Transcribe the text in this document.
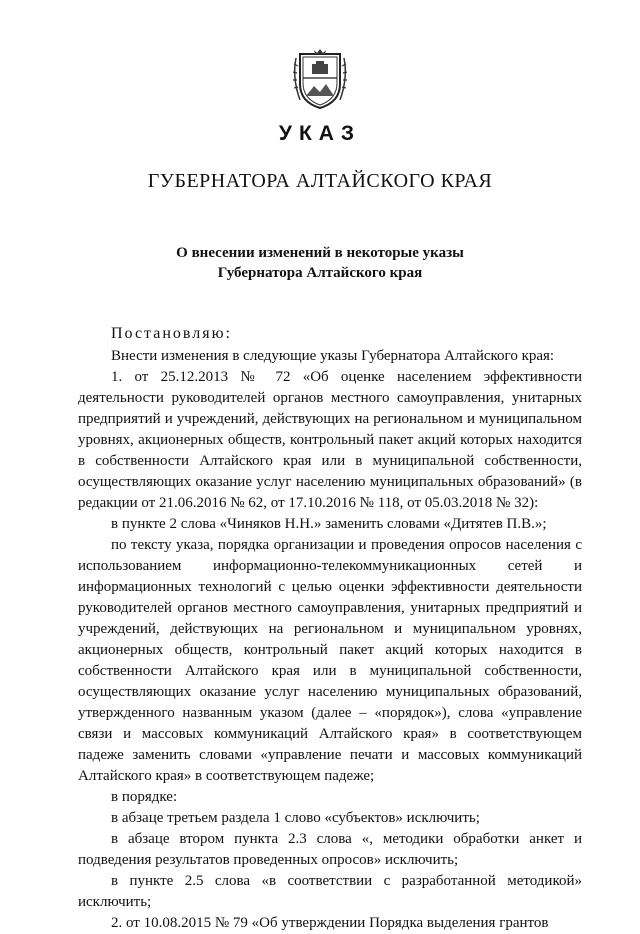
УКАЗ
ГУБЕРНАТОРА АЛТАЙСКОГО КРАЯ
О внесении изменений в некоторые указы
Губернатора Алтайского края
Постановляю:

Внести изменения в следующие указы Губернатора Алтайского края:

1. от 25.12.2013 № 72 «Об оценке населением эффективности деятельности руководителей органов местного самоуправления, унитарных предприятий и учреждений, действующих на региональном и муниципальном уровнях, акционерных обществ, контрольный пакет акций которых находится в собственности Алтайского края или в муниципальной собственности, осуществляющих оказание услуг населению муниципальных образований» (в редакции от 21.06.2016 № 62, от 17.10.2016 № 118, от 05.03.2018 № 32):

в пункте 2 слова «Чиняков Н.Н.» заменить словами «Дитятев П.В.»;

по тексту указа, порядка организации и проведения опросов населения с использованием информационно-телекоммуникационных сетей и информационных технологий с целью оценки эффективности деятельности руководителей органов местного самоуправления, унитарных предприятий и учреждений, действующих на региональном и муниципальном уровнях, акционерных обществ, контрольный пакет акций которых находится в собственности Алтайского края или в муниципальной собственности, осуществляющих оказание услуг населению муниципальных образований, утвержденного названным указом (далее – «порядок»), слова «управление связи и массовых коммуникаций Алтайского края» в соответствующем падеже заменить словами «управление печати и массовых коммуникаций Алтайского края» в соответствующем падеже;

в порядке:

в абзаце третьем раздела 1 слово «субъектов» исключить;

в абзаце втором пункта 2.3 слова «, методики обработки анкет и подведения результатов проведенных опросов» исключить;

в пункте 2.5 слова «в соответствии с разработанной методикой» исключить;

2. от 10.08.2015 № 79 «Об утверждении Порядка выделения грантов
